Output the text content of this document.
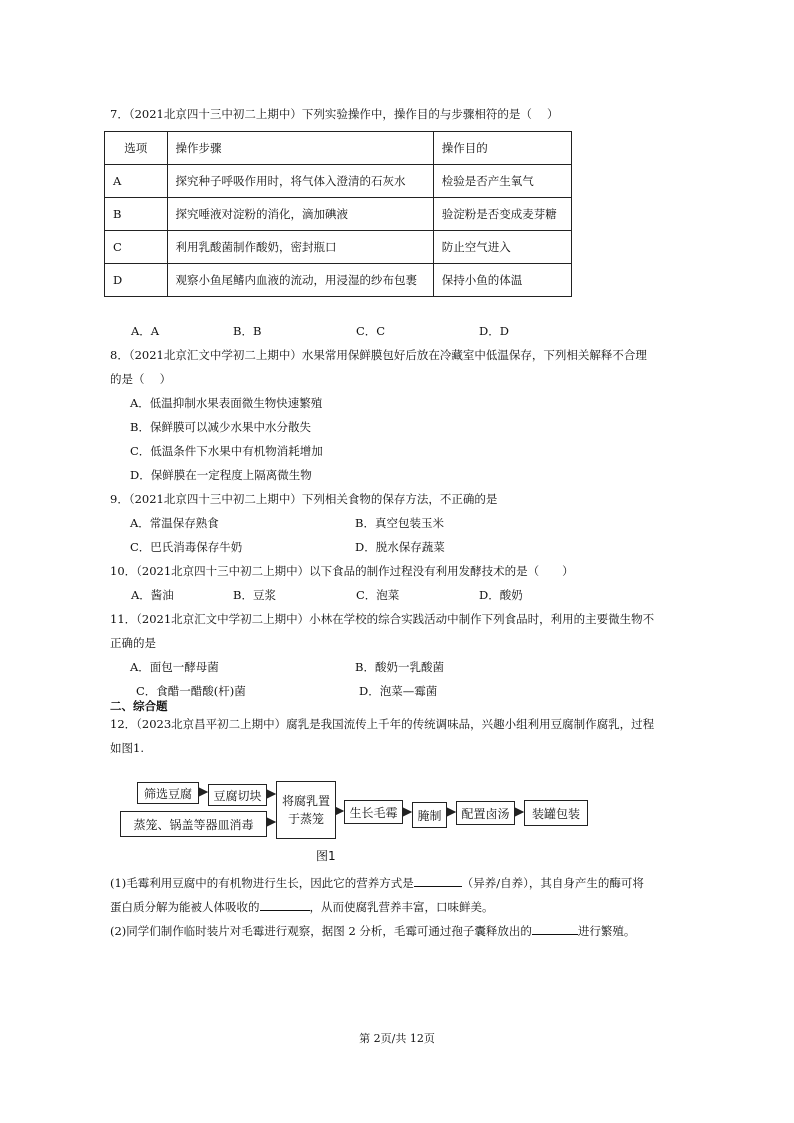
7．（2021北京四十三中初二上期中）下列实验操作中，操作目的与步骤相符的是（　 ）
选项	操作步骤	操作目的
A	探究种子呼吸作用时，将气体入澄清的石灰水	检验是否产生氧气
B	探究唾液对淀粉的消化，滴加碘液	验淀粉是否变成麦芽糖
C	利用乳酸菌制作酸奶，密封瓶口	防止空气进入
D	观察小鱼尾鳍内血液的流动，用浸湿的纱布包裹	保持小鱼的体温
A．A	B．B	C．C	D．D
8．（2021北京汇文中学初二上期中）水果常用保鲜膜包好后放在冷藏室中低温保存，下列相关解释不合理
的是（　 ）
A．低温抑制水果表面微生物快速繁殖
B．保鲜膜可以减少水果中水分散失
C．低温条件下水果中有机物消耗增加
D．保鲜膜在一定程度上隔离微生物
9．（2021北京四十三中初二上期中）下列相关食物的保存方法，不正确的是
A．常温保存熟食	B．真空包装玉米
C．巴氏消毒保存牛奶	D．脱水保存蔬菜
10．（2021北京四十三中初二上期中）以下食品的制作过程没有利用发酵技术的是（　　）
A．酱油	B．豆浆	C．泡菜	D．酸奶
11．（2021北京汇文中学初二上期中）小林在学校的综合实践活动中制作下列食品时，利用的主要微生物不
正确的是
A．面包一酵母菌	B．酸奶一乳酸菌
C．食醋一醋酸(杆)菌	D．泡菜—霉菌
二、综合题
12．（2023北京昌平初二上期中）腐乳是我国流传上千年的传统调味品，兴趣小组利用豆腐制作腐乳，过程
如图1.
筛选豆腐	豆腐切块
蒸笼、锅盖等器皿消毒
将腐乳置
于蒸笼	生长毛霉	腌制	配置卤汤	装罐包装
图1
(1)毛霉利用豆腐中的有机物进行生长，因此它的营养方式是	（异养/自养），其自身产生的酶可将
蛋白质分解为能被人体吸收的	，从而使腐乳营养丰富，口味鲜美。
(2)同学们制作临时装片对毛霉进行观察，据图 2 分析，毛霉可通过孢子囊释放出的	进行繁殖。
第 2页/共 12页
